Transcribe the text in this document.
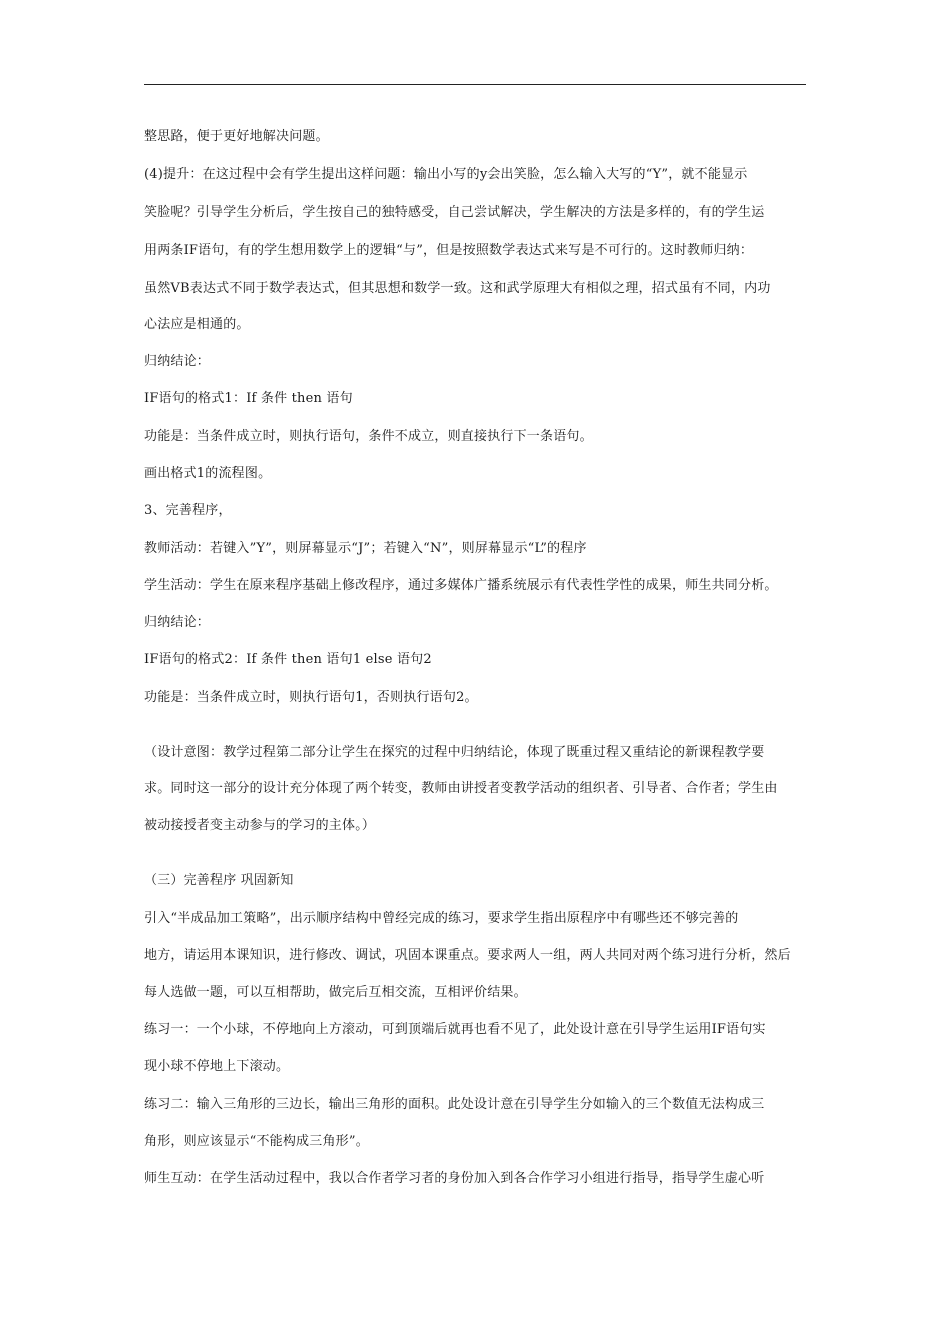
整思路，便于更好地解决问题。
(4)提升：在这过程中会有学生提出这样问题：输出小写的y会出笑脸，怎么输入大写的“Y”，就不能显示
笑脸呢？引导学生分析后，学生按自己的独特感受，自己尝试解决，学生解决的方法是多样的，有的学生运
用两条IF语句，有的学生想用数学上的逻辑“与”，但是按照数学表达式来写是不可行的。这时教师归纳：
虽然VB表达式不同于数学表达式，但其思想和数学一致。这和武学原理大有相似之理，招式虽有不同，内功
心法应是相通的。
归纳结论：
IF语句的格式1：If 条件 then 语句
功能是：当条件成立时，则执行语句，条件不成立，则直接执行下一条语句。
画出格式1的流程图。
3、完善程序，
教师活动：若键入”Y”，则屏幕显示“J”；若键入“N”，则屏幕显示“L”的程序
学生活动：学生在原来程序基础上修改程序，通过多媒体广播系统展示有代表性学性的成果，师生共同分析。
归纳结论：
IF语句的格式2：If 条件 then 语句1 else 语句2
功能是：当条件成立时，则执行语句1，否则执行语句2。
（设计意图：教学过程第二部分让学生在探究的过程中归纳结论，体现了既重过程又重结论的新课程教学要
求。同时这一部分的设计充分体现了两个转变，教师由讲授者变教学活动的组织者、引导者、合作者；学生由
被动接授者变主动参与的学习的主体。）
（三）完善程序 巩固新知
引入“半成品加工策略”，出示顺序结构中曾经完成的练习，要求学生指出原程序中有哪些还不够完善的
地方，请运用本课知识，进行修改、调试，巩固本课重点。要求两人一组，两人共同对两个练习进行分析，然后
每人选做一题，可以互相帮助，做完后互相交流，互相评价结果。
练习一：一个小球，不停地向上方滚动，可到顶端后就再也看不见了，此处设计意在引导学生运用IF语句实
现小球不停地上下滚动。
练习二：输入三角形的三边长，输出三角形的面积。此处设计意在引导学生分如输入的三个数值无法构成三
角形，则应该显示“不能构成三角形”。
师生互动：在学生活动过程中，我以合作者学习者的身份加入到各合作学习小组进行指导，指导学生虚心听
